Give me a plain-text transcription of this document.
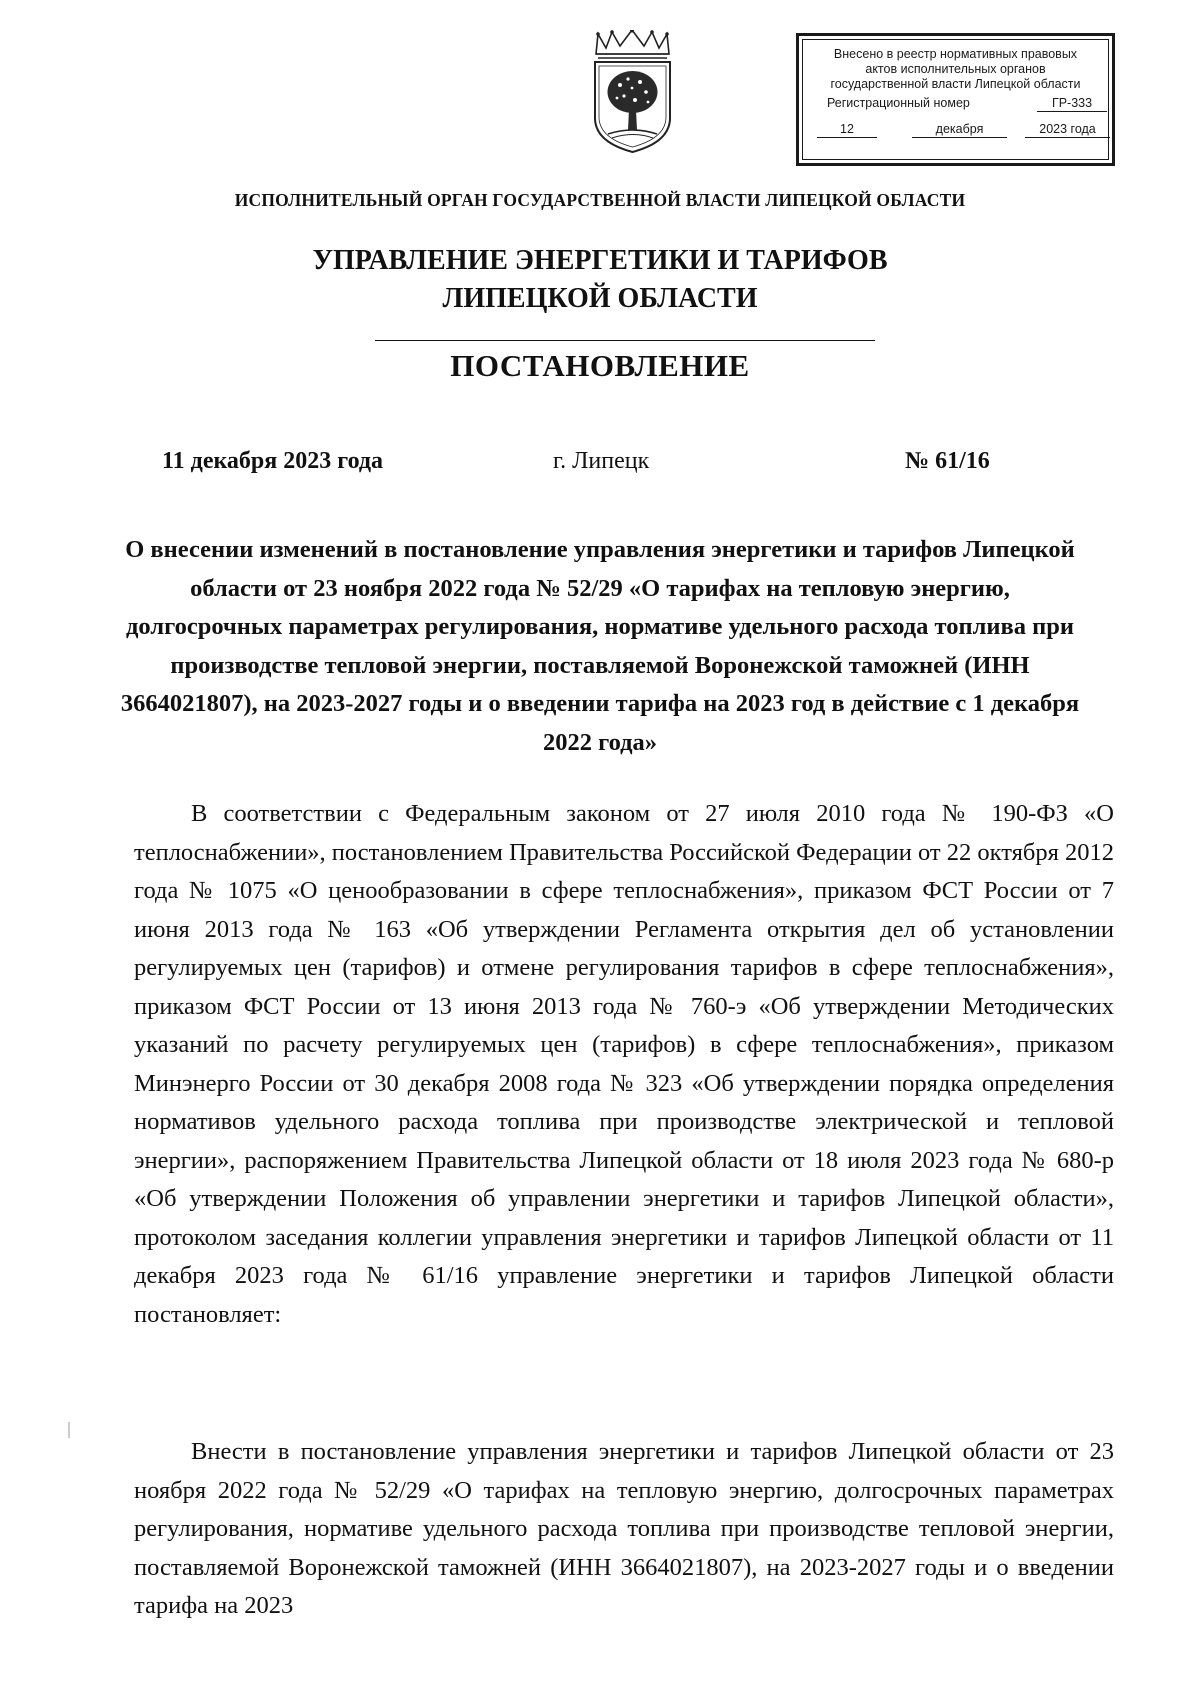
Внесено в реестр нормативных правовых
актов исполнительных органов
государственной власти Липецкой области
Регистрационный номер	ГР-333
12	декабря	2023 года
ИСПОЛНИТЕЛЬНЫЙ ОРГАН ГОСУДАРСТВЕННОЙ ВЛАСТИ ЛИПЕЦКОЙ ОБЛАСТИ
УПРАВЛЕНИЕ ЭНЕРГЕТИКИ И ТАРИФОВ
ЛИПЕЦКОЙ ОБЛАСТИ
ПОСТАНОВЛЕНИЕ
11 декабря 2023 года	г. Липецк	№ 61/16
О внесении изменений в постановление управления энергетики и тарифов Липецкой области от 23 ноября 2022 года № 52/29 «О тарифах на тепловую энергию, долгосрочных параметрах регулирования, нормативе удельного расхода топлива при производстве тепловой энергии, поставляемой Воронежской таможней (ИНН 3664021807), на 2023-2027 годы и о введении тарифа на 2023 год в действие с 1 декабря 2022 года»
В соответствии с Федеральным законом от 27 июля 2010 года № 190-ФЗ «О теплоснабжении», постановлением Правительства Российской Федерации от 22 октября 2012 года № 1075 «О ценообразовании в сфере теплоснабжения», приказом ФСТ России от 7 июня 2013 года № 163 «Об утверждении Регламента открытия дел об установлении регулируемых цен (тарифов) и отмене регулирования тарифов в сфере теплоснабжения», приказом ФСТ России от 13 июня 2013 года № 760-э «Об утверждении Методических указаний по расчету регулируемых цен (тарифов) в сфере теплоснабжения», приказом Минэнерго России от 30 декабря 2008 года № 323 «Об утверждении порядка определения нормативов удельного расхода топлива при производстве электрической и тепловой энергии», распоряжением Правительства Липецкой области от 18 июля 2023 года № 680-р «Об утверждении Положения об управлении энергетики и тарифов Липецкой области», протоколом заседания коллегии управления энергетики и тарифов Липецкой области от 11 декабря 2023 года № 61/16 управление энергетики и тарифов Липецкой области постановляет:
Внести в постановление управления энергетики и тарифов Липецкой области от 23 ноября 2022 года № 52/29 «О тарифах на тепловую энергию, долгосрочных параметрах регулирования, нормативе удельного расхода топлива при производстве тепловой энергии, поставляемой Воронежской таможней (ИНН 3664021807), на 2023-2027 годы и о введении тарифа на 2023
